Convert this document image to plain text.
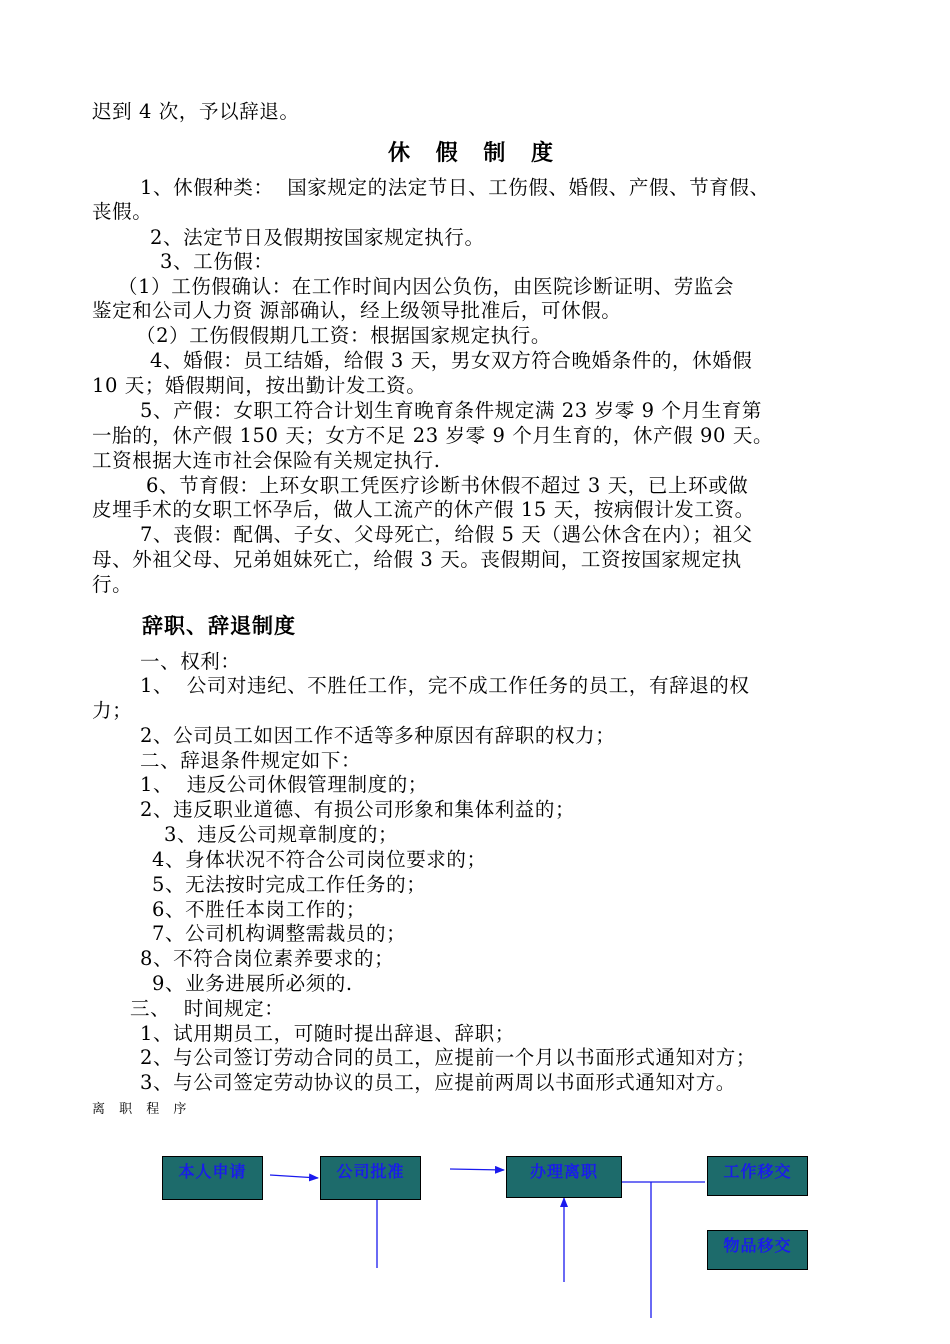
迟到 4 次，予以辞退。
休 假 制 度
1、休假种类：  国家规定的法定节日、工伤假、婚假、产假、节育假、
丧假。
2、法定节日及假期按国家规定执行。
3、工伤假：
（1）工伤假确认：在工作时间内因公负伤，由医院诊断证明、劳监会
鉴定和公司人力资 源部确认，经上级领导批准后，可休假。
（2）工伤假假期几工资：根据国家规定执行。
4、婚假：员工结婚，给假 3 天，男女双方符合晚婚条件的，休婚假
10 天；婚假期间，按出勤计发工资。
5、产假：女职工符合计划生育晚育条件规定满 23 岁零 9 个月生育第
一胎的，休产假 150 天；女方不足 23 岁零 9 个月生育的，休产假 90 天。
工资根据大连市社会保险有关规定执行.
6、节育假：上环女职工凭医疗诊断书休假不超过 3 天，已上环或做
皮埋手术的女职工怀孕后，做人工流产的休产假 15 天，按病假计发工资。
7、丧假：配偶、子女、父母死亡，给假 5 天（遇公休含在内）；祖父
母、外祖父母、兄弟姐妹死亡，给假 3 天。丧假期间，工资按国家规定执
行。
辞职、辞退制度
一、权利：
1、  公司对违纪、不胜任工作，完不成工作任务的员工，有辞退的权
力；
2、公司员工如因工作不适等多种原因有辞职的权力；
二、辞退条件规定如下：
1、  违反公司休假管理制度的；
2、违反职业道德、有损公司形象和集体利益的；
3、违反公司规章制度的；
4、身体状况不符合公司岗位要求的；
5、无法按时完成工作任务的；
6、不胜任本岗工作的；
7、公司机构调整需裁员的；
8、不符合岗位素养要求的；
9、业务进展所必须的.
三、  时间规定：
1、试用期员工，可随时提出辞退、辞职；
2、与公司签订劳动合同的员工，应提前一个月以书面形式通知对方；
3、与公司签定劳动协议的员工，应提前两周以书面形式通知对方。
离 职 程 序
本人申请	公司批准	办理离职	工作移交
物品移交
